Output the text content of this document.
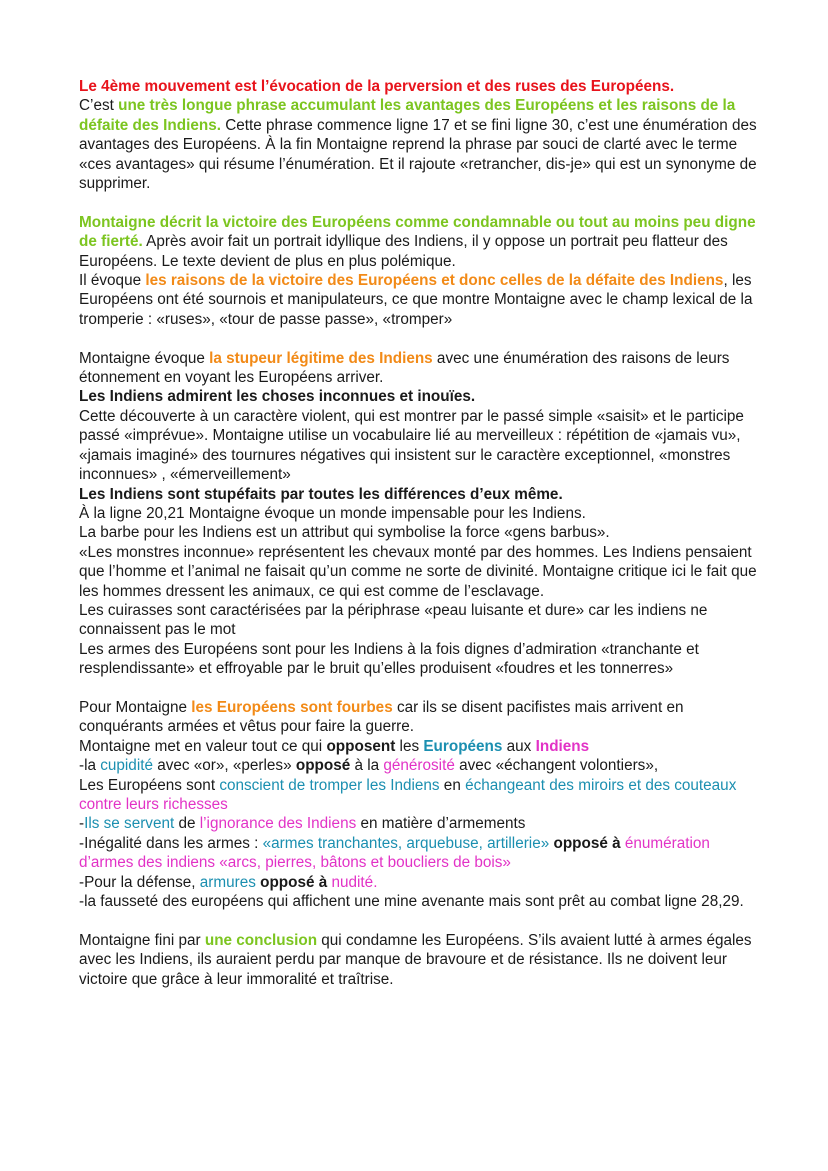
Le 4ème mouvement est l’évocation de la perversion et des ruses des Européens.
C’est une très longue phrase accumulant les avantages des Européens et les raisons de la défaite des Indiens. Cette phrase commence ligne 17 et se fini ligne 30, c’est une énumération des avantages des Européens. À la fin Montaigne reprend la phrase par souci de clarté avec le terme «ces avantages» qui résume l’énumération. Et il rajoute «retrancher, dis-je» qui est un synonyme de supprimer.

Montaigne décrit la victoire des Européens comme condamnable ou tout au moins peu digne de fierté. Après avoir fait un portrait idyllique des Indiens, il y oppose un portrait peu flatteur des Européens. Le texte devient de plus en plus polémique.
Il évoque les raisons de la victoire des Européens et donc celles de la défaite des Indiens, les Européens ont été sournois et manipulateurs, ce que montre Montaigne avec le champ lexical de la tromperie : «ruses», «tour de passe passe», «tromper»

Montaigne évoque la stupeur légitime des Indiens avec une énumération des raisons de leurs étonnement en voyant les Européens arriver.
Les Indiens admirent les choses inconnues et inouïes.
Cette découverte à un caractère violent, qui est montrer par le passé simple «saisit» et le participe passé «imprévue». Montaigne utilise un vocabulaire lié au merveilleux : répétition de «jamais vu», «jamais imaginé» des tournures négatives qui insistent sur le caractère exceptionnel, «monstres inconnues» , «émerveillement»
Les Indiens sont stupéfaits par toutes les différences d’eux même.
À la ligne 20,21 Montaigne évoque un monde impensable pour les Indiens.
La barbe pour les Indiens est un attribut qui symbolise la force «gens barbus».
«Les monstres inconnue» représentent les chevaux monté par des hommes. Les Indiens pensaient que l’homme et l’animal ne faisait qu’un comme ne sorte de divinité. Montaigne critique ici le fait que les hommes dressent les animaux, ce qui est comme de l’esclavage.
Les cuirasses sont caractérisées par la périphrase «peau luisante et dure» car les indiens ne connaissent pas le mot
Les armes des Européens sont pour les Indiens à la fois dignes d’admiration «tranchante et resplendissante» et effroyable par le bruit qu’elles produisent «foudres et les tonnerres»

Pour Montaigne les Européens sont fourbes car ils se disent pacifistes mais arrivent en conquérants armées et vêtus pour faire la guerre.
Montaigne met en valeur tout ce qui opposent les Européens aux Indiens
-la cupidité avec «or», «perles» opposé à la générosité avec «échangent volontiers»,
Les Européens sont conscient de tromper les Indiens en échangeant des miroirs et des couteaux contre leurs richesses
-Ils se servent de l’ignorance des Indiens en matière d’armements
-Inégalité dans les armes : «armes tranchantes, arquebuse, artillerie» opposé à énumération d’armes des indiens «arcs, pierres, bâtons et boucliers de bois»
-Pour la défense, armures opposé à nudité.
-la fausseté des européens qui affichent une mine avenante mais sont prêt au combat ligne 28,29.

Montaigne fini par une conclusion qui condamne les Européens. S’ils avaient lutté à armes égales avec les Indiens, ils auraient perdu par manque de bravoure et de résistance. Ils ne doivent leur victoire que grâce à leur immoralité et traîtrise.
